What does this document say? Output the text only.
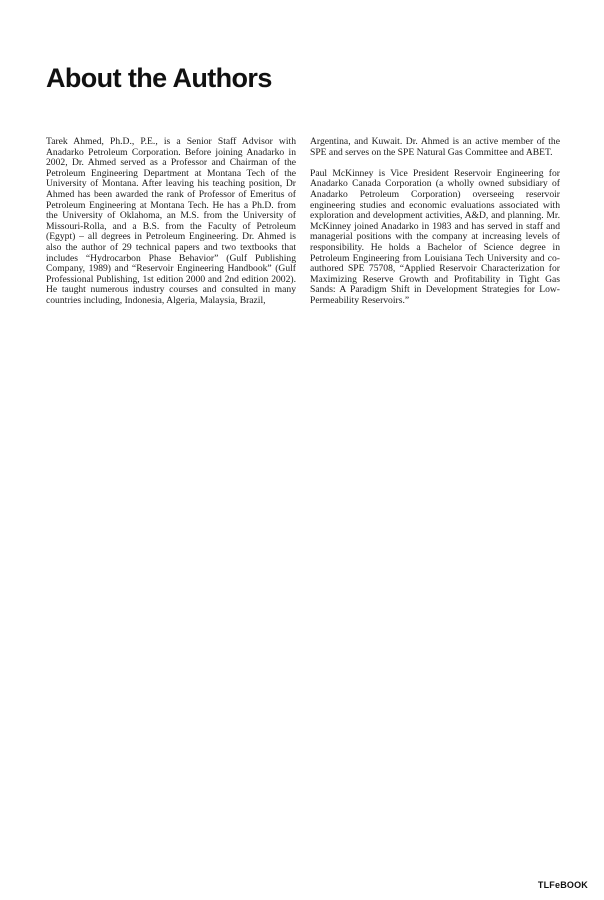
About the Authors

Tarek Ahmed, Ph.D., P.E., is a Senior Staff Advisor with Anadarko Petroleum Corporation. Before joining Anadarko in 2002, Dr. Ahmed served as a Professor and Chairman of the Petroleum Engineering Department at Montana Tech of the University of Montana. After leaving his teaching position, Dr Ahmed has been awarded the rank of Professor of Emeritus of Petroleum Engineering at Montana Tech. He has a Ph.D. from the University of Oklahoma, an M.S. from the University of Missouri-Rolla, and a B.S. from the Faculty of Petroleum (Egypt) – all degrees in Petroleum Engineering. Dr. Ahmed is also the author of 29 technical papers and two textbooks that includes “Hydrocarbon Phase Behavior” (Gulf Publishing Company, 1989) and “Reservoir Engineering Handbook” (Gulf Professional Publishing, 1st edition 2000 and 2nd edition 2002). He taught numerous industry courses and consulted in many countries including, Indonesia, Algeria, Malaysia, Brazil,

Argentina, and Kuwait. Dr. Ahmed is an active member of the SPE and serves on the SPE Natural Gas Committee and ABET.

Paul McKinney is Vice President Reservoir Engineering for Anadarko Canada Corporation (a wholly owned subsidiary of Anadarko Petroleum Corporation) overseeing reservoir engineering studies and economic evaluations associated with exploration and development activities, A&D, and planning. Mr. McKinney joined Anadarko in 1983 and has served in staff and managerial positions with the company at increasing levels of responsibility. He holds a Bachelor of Science degree in Petroleum Engineering from Louisiana Tech University and co-authored SPE 75708, “Applied Reservoir Characterization for Maximizing Reserve Growth and Profitability in Tight Gas Sands: A Paradigm Shift in Development Strategies for Low-Permeability Reservoirs.”

TLFeBOOK
